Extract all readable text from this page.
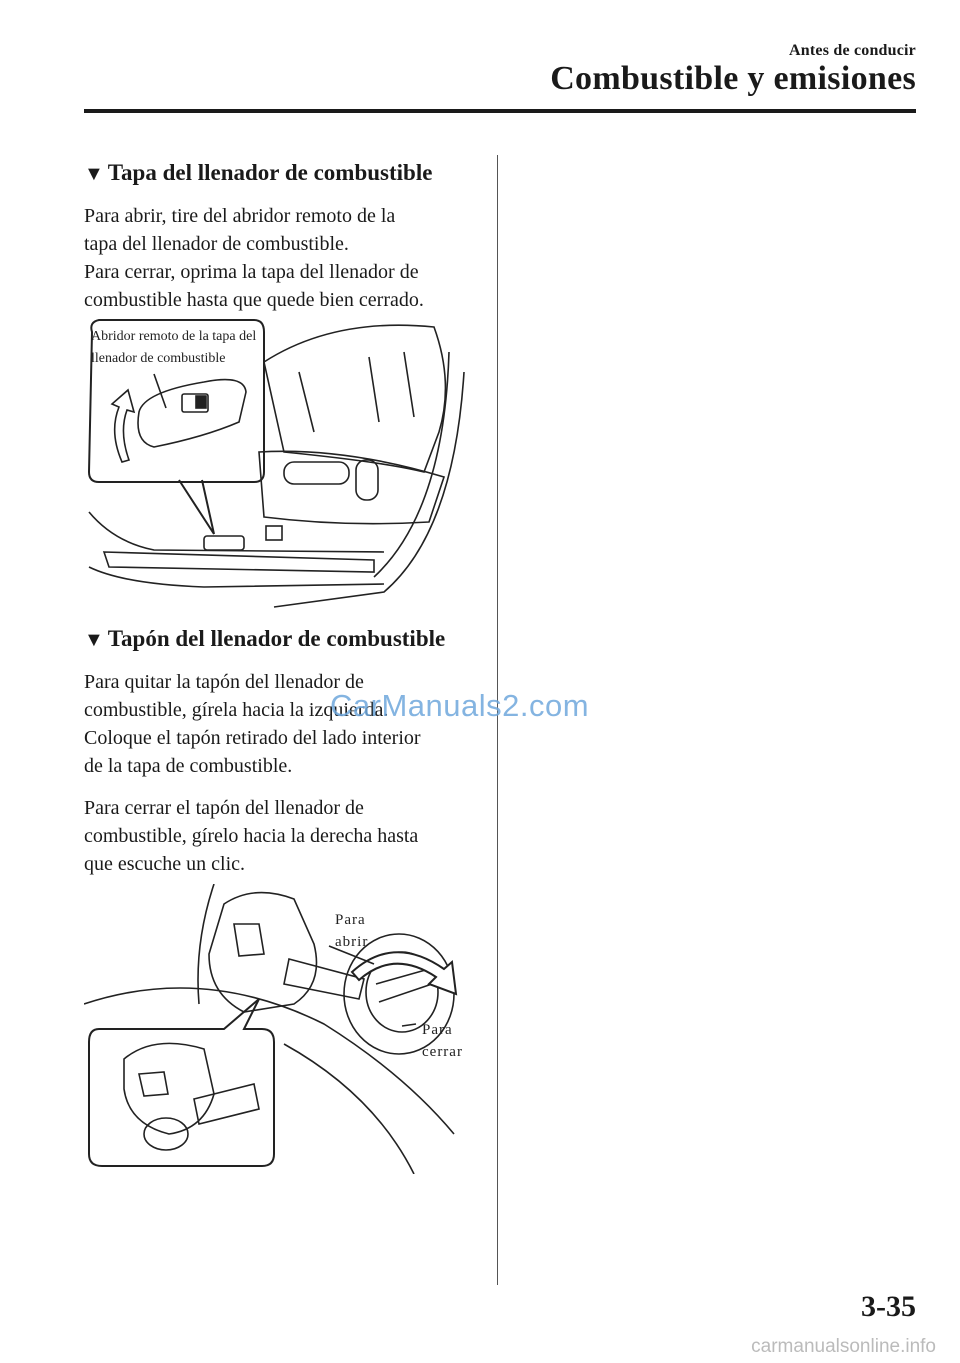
Antes de conducir
Combustible y emisiones
▼ Tapa del llenador de combustible
Para abrir, tire del abridor remoto de la
tapa del llenador de combustible.
Para cerrar, oprima la tapa del llenador de
combustible hasta que quede bien cerrado.
Abridor remoto de la tapa del
llenador de combustible
▼ Tapón del llenador de combustible
Para quitar la tapón del llenador de
combustible, gírela hacia la izquierda.
Coloque el tapón retirado del lado interior
de la tapa de combustible.
Para cerrar el tapón del llenador de
combustible, gírelo hacia la derecha hasta
que escuche un clic.
Para
abrir
Para
cerrar
CarManuals2.com
3-35
carmanualsonline.info
